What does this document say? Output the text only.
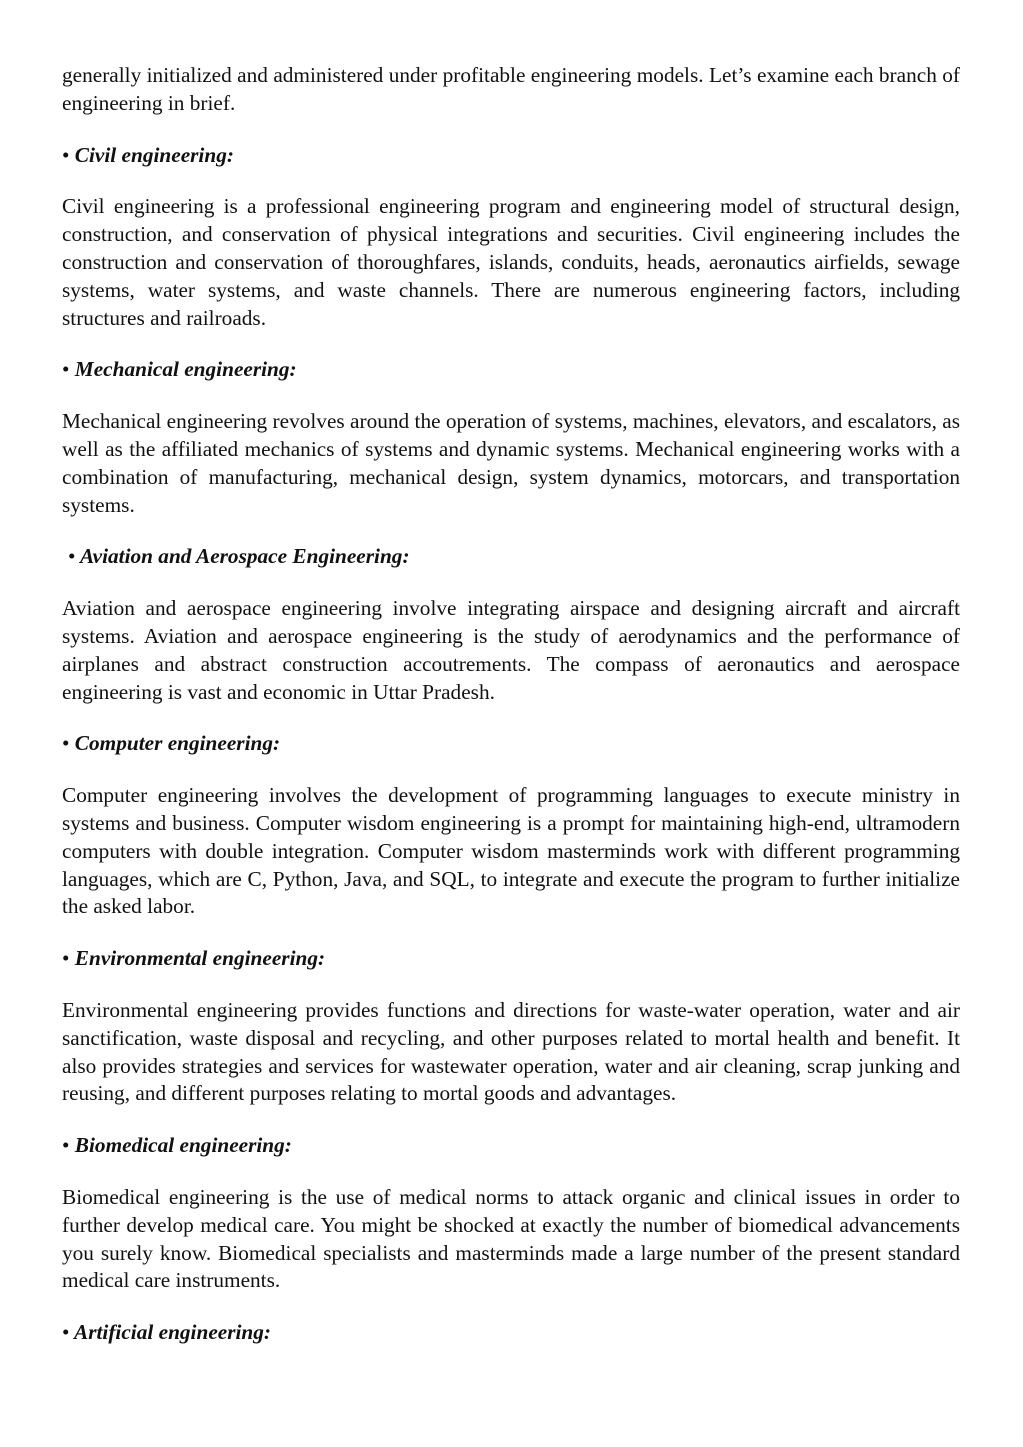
generally initialized and administered under profitable engineering models. Let’s examine each branch of engineering in brief.

• Civil engineering:

Civil engineering is a professional engineering program and engineering model of structural design, construction, and conservation of physical integrations and securities. Civil engineering includes the construction and conservation of thoroughfares, islands, conduits, heads, aeronautics airfields, sewage systems, water systems, and waste channels. There are numerous engineering factors, including structures and railroads.

• Mechanical engineering:

Mechanical engineering revolves around the operation of systems, machines, elevators, and escalators, as well as the affiliated mechanics of systems and dynamic systems. Mechanical engineering works with a combination of manufacturing, mechanical design, system dynamics, motorcars, and transportation systems.

• Aviation and Aerospace Engineering:

Aviation and aerospace engineering involve integrating airspace and designing aircraft and aircraft systems. Aviation and aerospace engineering is the study of aerodynamics and the performance of airplanes and abstract construction accoutrements. The compass of aeronautics and aerospace engineering is vast and economic in Uttar Pradesh.

• Computer engineering:

Computer engineering involves the development of programming languages to execute ministry in systems and business. Computer wisdom engineering is a prompt for maintaining high-end, ultramodern computers with double integration. Computer wisdom masterminds work with different programming languages, which are C, Python, Java, and SQL, to integrate and execute the program to further initialize the asked labor.

• Environmental engineering:

Environmental engineering provides functions and directions for waste-water operation, water and air sanctification, waste disposal and recycling, and other purposes related to mortal health and benefit. It also provides strategies and services for wastewater operation, water and air cleaning, scrap junking and reusing, and different purposes relating to mortal goods and advantages.

• Biomedical engineering:

Biomedical engineering is the use of medical norms to attack organic and clinical issues in order to further develop medical care. You might be shocked at exactly the number of biomedical advancements you surely know. Biomedical specialists and masterminds made a large number of the present standard medical care instruments.

• Artificial engineering:
